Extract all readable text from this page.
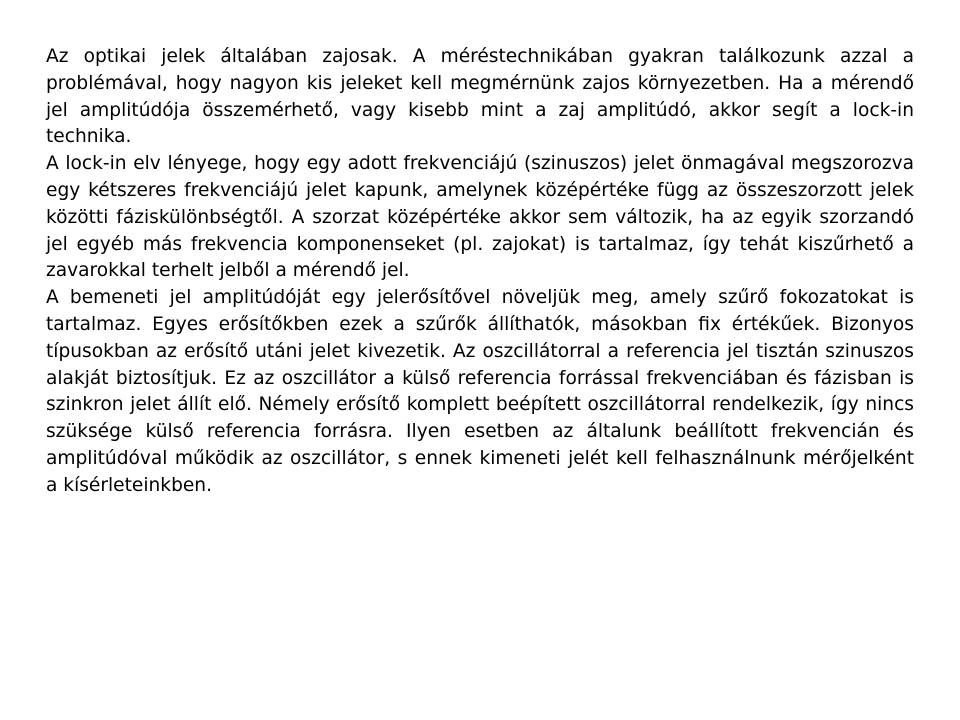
Az optikai jelek általában zajosak. A méréstechnikában gyakran találkozunk azzal a problémával, hogy nagyon kis jeleket kell megmérnünk zajos környezetben. Ha a mérendő jel amplitúdója összemérhető, vagy kisebb mint a zaj amplitúdó, akkor segít a lock-in technika.

A lock-in elv lényege, hogy egy adott frekvenciájú (szinuszos) jelet önmagával megszorozva egy kétszeres frekvenciájú jelet kapunk, amelynek középértéke függ az összeszorzott jelek közötti fáziskülönbségtől. A szorzat középértéke akkor sem változik, ha az egyik szorzandó jel egyéb más frekvencia komponenseket (pl. zajokat) is tartalmaz, így tehát kiszűrhető a zavarokkal terhelt jelből a mérendő jel.

A bemeneti jel amplitúdóját egy jelerősítővel növeljük meg, amely szűrő fokozatokat is tartalmaz. Egyes erősítőkben ezek a szűrők állíthatók, másokban fix értékűek. Bizonyos típusokban az erősítő utáni jelet kivezetik. Az oszcillátorral a referencia jel tisztán szinuszos alakját biztosítjuk. Ez az oszcillátor a külső referencia forrással frekvenciában és fázisban is szinkron jelet állít elő. Némely erősítő komplett beépített oszcillátorral rendelkezik, így nincs szüksége külső referencia forrásra. Ilyen esetben az általunk beállított frekvencián és amplitúdóval működik az oszcillátor, s ennek kimeneti jelét kell felhasználnunk mérőjelként a kísérleteinkben.
